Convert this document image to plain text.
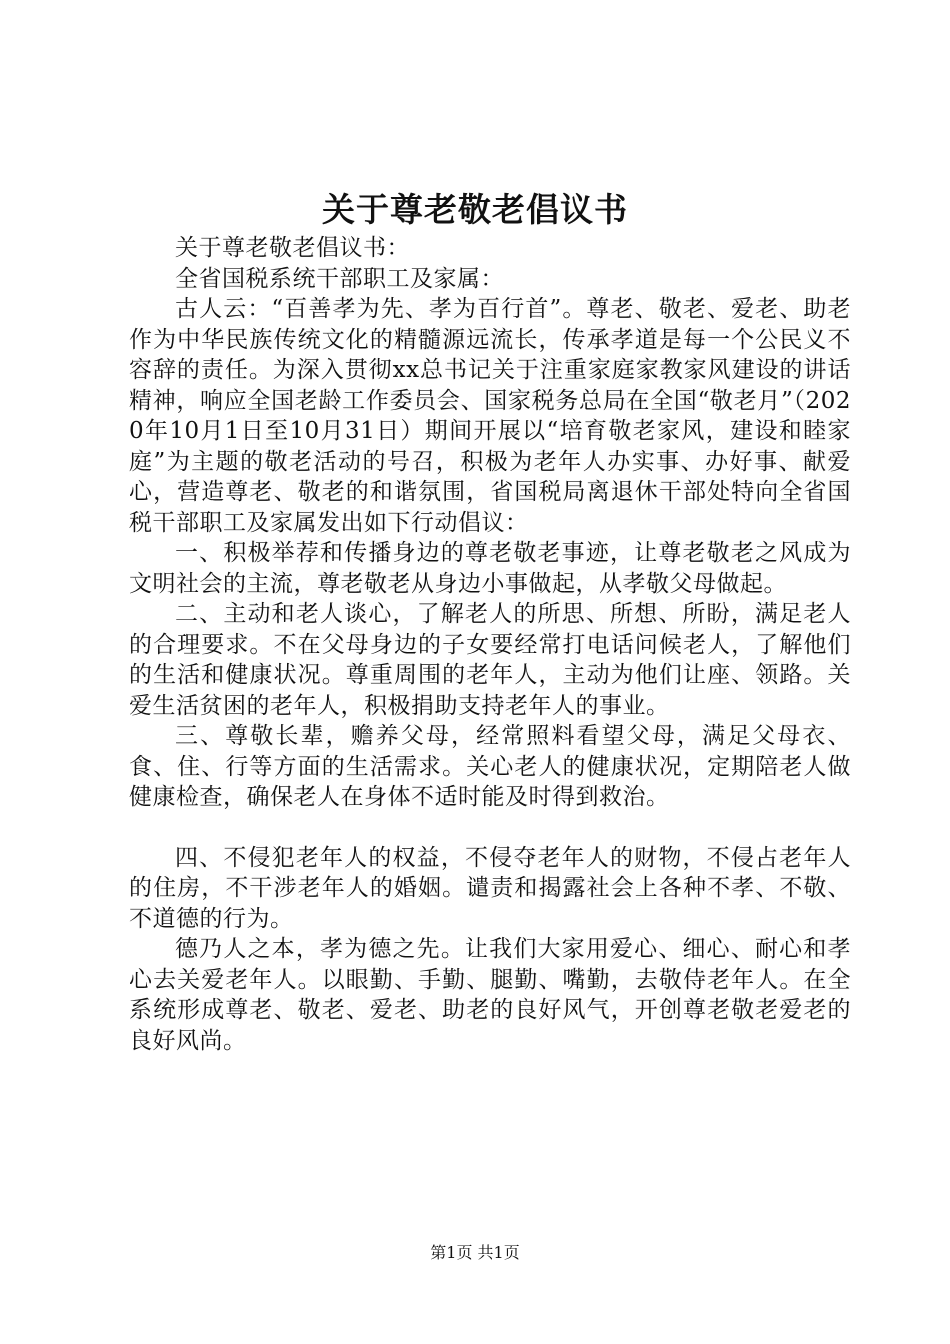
关于尊老敬老倡议书

关于尊老敬老倡议书：

全省国税系统干部职工及家属：

古人云：“百善孝为先、孝为百行首”。尊老、敬老、爱老、助老作为中华民族传统文化的精髓源远流长，传承孝道是每一个公民义不容辞的责任。为深入贯彻xx总书记关于注重家庭家教家风建设的讲话精神，响应全国老龄工作委员会、国家税务总局在全国“敬老月”（2020年10月1日至10月31日）期间开展以“培育敬老家风，建设和睦家庭”为主题的敬老活动的号召，积极为老年人办实事、办好事、献爱心，营造尊老、敬老的和谐氛围，省国税局离退休干部处特向全省国税干部职工及家属发出如下行动倡议：

一、积极举荐和传播身边的尊老敬老事迹，让尊老敬老之风成为文明社会的主流，尊老敬老从身边小事做起，从孝敬父母做起。

二、主动和老人谈心，了解老人的所思、所想、所盼，满足老人的合理要求。不在父母身边的子女要经常打电话问候老人，了解他们的生活和健康状况。尊重周围的老年人，主动为他们让座、领路。关爱生活贫困的老年人，积极捐助支持老年人的事业。

三、尊敬长辈，赡养父母，经常照料看望父母，满足父母衣、食、住、行等方面的生活需求。关心老人的健康状况，定期陪老人做健康检查，确保老人在身体不适时能及时得到救治。

四、不侵犯老年人的权益，不侵夺老年人的财物，不侵占老年人的住房，不干涉老年人的婚姻。谴责和揭露社会上各种不孝、不敬、不道德的行为。

德乃人之本，孝为德之先。让我们大家用爱心、细心、耐心和孝心去关爱老年人。以眼勤、手勤、腿勤、嘴勤，去敬侍老年人。在全系统形成尊老、敬老、爱老、助老的良好风气，开创尊老敬老爱老的良好风尚。

第1页 共1页
